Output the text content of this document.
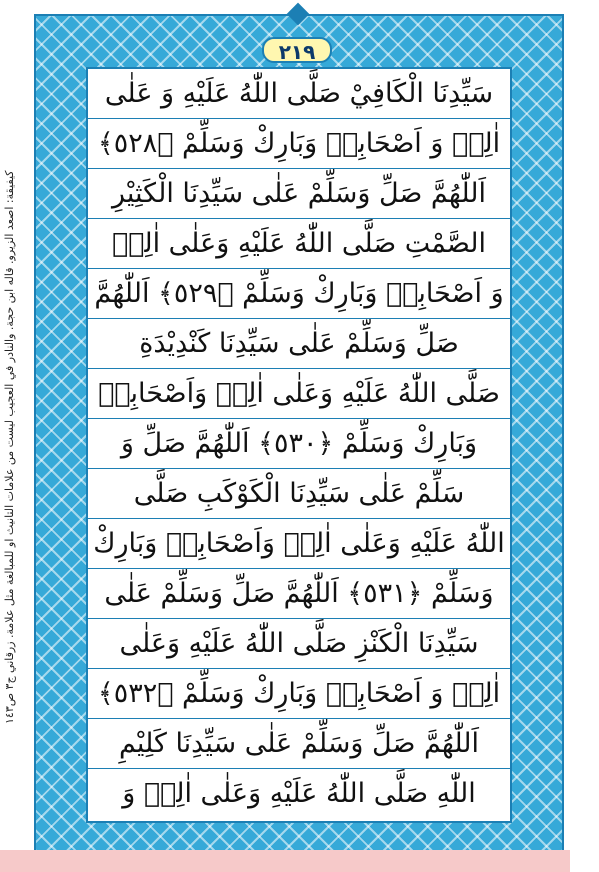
٢١٩
سَيِّدِنَا الْكَافِيْ صَلَّى اللّٰهُ عَلَيْهِ وَ عَلٰى
اٰلِهٖ وَ اَصْحَابِهٖ وَبَارِكْ وَسَلِّمْ ﴿٥٢٨﴾
اَللّٰهُمَّ صَلِّ وَسَلِّمْ عَلٰى سَيِّدِنَا الْكَثِيْرِ
الصَّمْتِ صَلَّى اللّٰهُ عَلَيْهِ وَعَلٰى اٰلِهٖ
وَ اَصْحَابِهٖ وَبَارِكْ وَسَلِّمْ ﴿٥٢٩﴾ اَللّٰهُمَّ
صَلِّ وَسَلِّمْ عَلٰى سَيِّدِنَا كَنْدِيْدَةِ
صَلَّى اللّٰهُ عَلَيْهِ وَعَلٰى اٰلِهٖ وَاَصْحَابِهٖ
وَبَارِكْ وَسَلِّمْ ﴿٥٣٠﴾ اَللّٰهُمَّ صَلِّ وَ
سَلِّمْ عَلٰى سَيِّدِنَا الْكَوْكَبِ صَلَّى
اللّٰهُ عَلَيْهِ وَعَلٰى اٰلِهٖ وَاَصْحَابِهٖ وَبَارِكْ
وَسَلِّمْ ﴿٥٣١﴾ اَللّٰهُمَّ صَلِّ وَسَلِّمْ عَلٰى
سَيِّدِنَا الْكَنْزِ صَلَّى اللّٰهُ عَلَيْهِ وَعَلٰى
اٰلِهٖ وَ اَصْحَابِهٖ وَبَارِكْ وَسَلِّمْ ﴿٥٣٢﴾
اَللّٰهُمَّ صَلِّ وَسَلِّمْ عَلٰى سَيِّدِنَا كَلِيْمِ
اللّٰهِ صَلَّى اللّٰهُ عَلَيْهِ وَعَلٰى اٰلِهٖ وَ
كيفيقة: اصعد الزيرو. قاله ابن حجة. والنادر في العجيب ليست من علامات التانيث او للمبالغة مثل علامة. زرقاني ج٣ ص١٤٣
